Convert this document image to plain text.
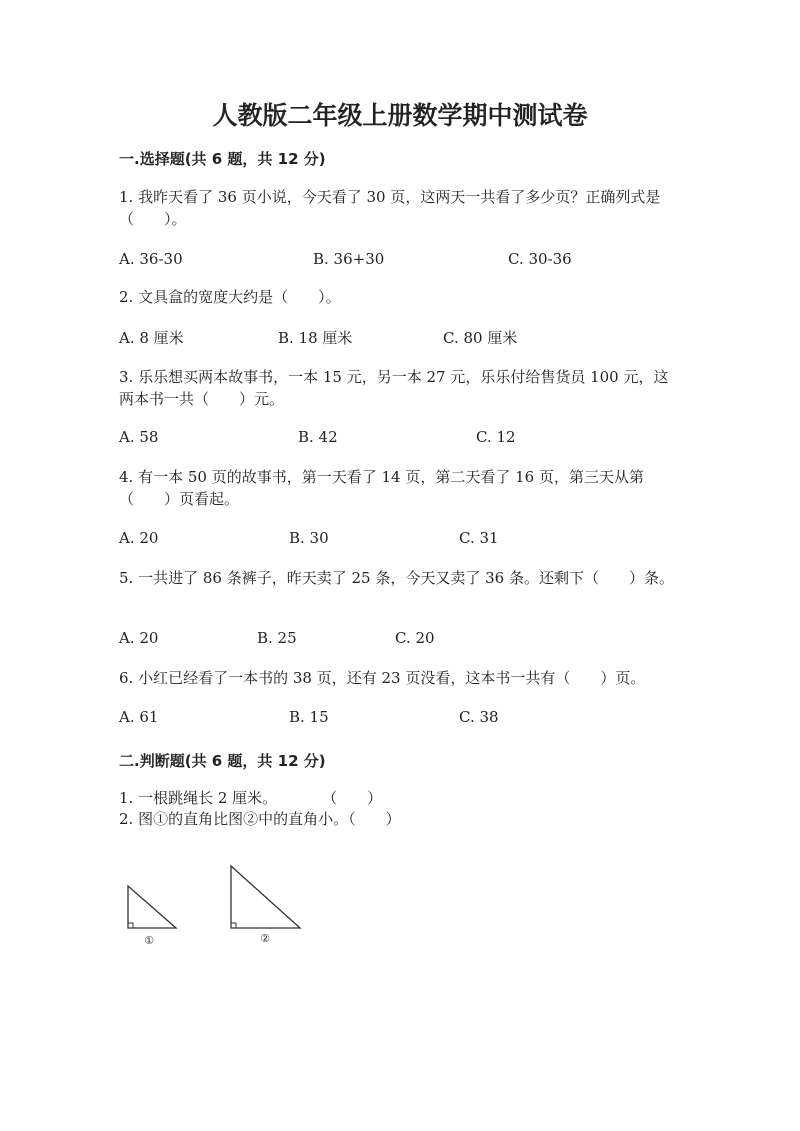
人教版二年级上册数学期中测试卷
一.选择题(共 6 题，共 12 分)
1. 我昨天看了 36 页小说，今天看了 30 页，这两天一共看了多少页？正确列式是（　　）。
A. 36-30	B. 36+30	C. 30-36
2. 文具盒的宽度大约是（　　）。
A. 8 厘米	B. 18 厘米	C. 80 厘米
3. 乐乐想买两本故事书，一本 15 元，另一本 27 元，乐乐付给售货员 100 元，这两本书一共（　　）元。
A. 58	B. 42	C. 12
4. 有一本 50 页的故事书，第一天看了 14 页，第二天看了 16 页，第三天从第（　　）页看起。
A. 20	B. 30	C. 31
5. 一共进了 86 条裤子，昨天卖了 25 条，今天又卖了 36 条。还剩下（　　）条。
A. 20	B. 25	C. 20
6. 小红已经看了一本书的 38 页，还有 23 页没看，这本书一共有（　　）页。
A. 61	B. 15	C. 38
二.判断题(共 6 题，共 12 分)
1. 一根跳绳长 2 厘米。　　　　（　　）
2. 图①的直角比图②中的直角小。（　　）
①	②
